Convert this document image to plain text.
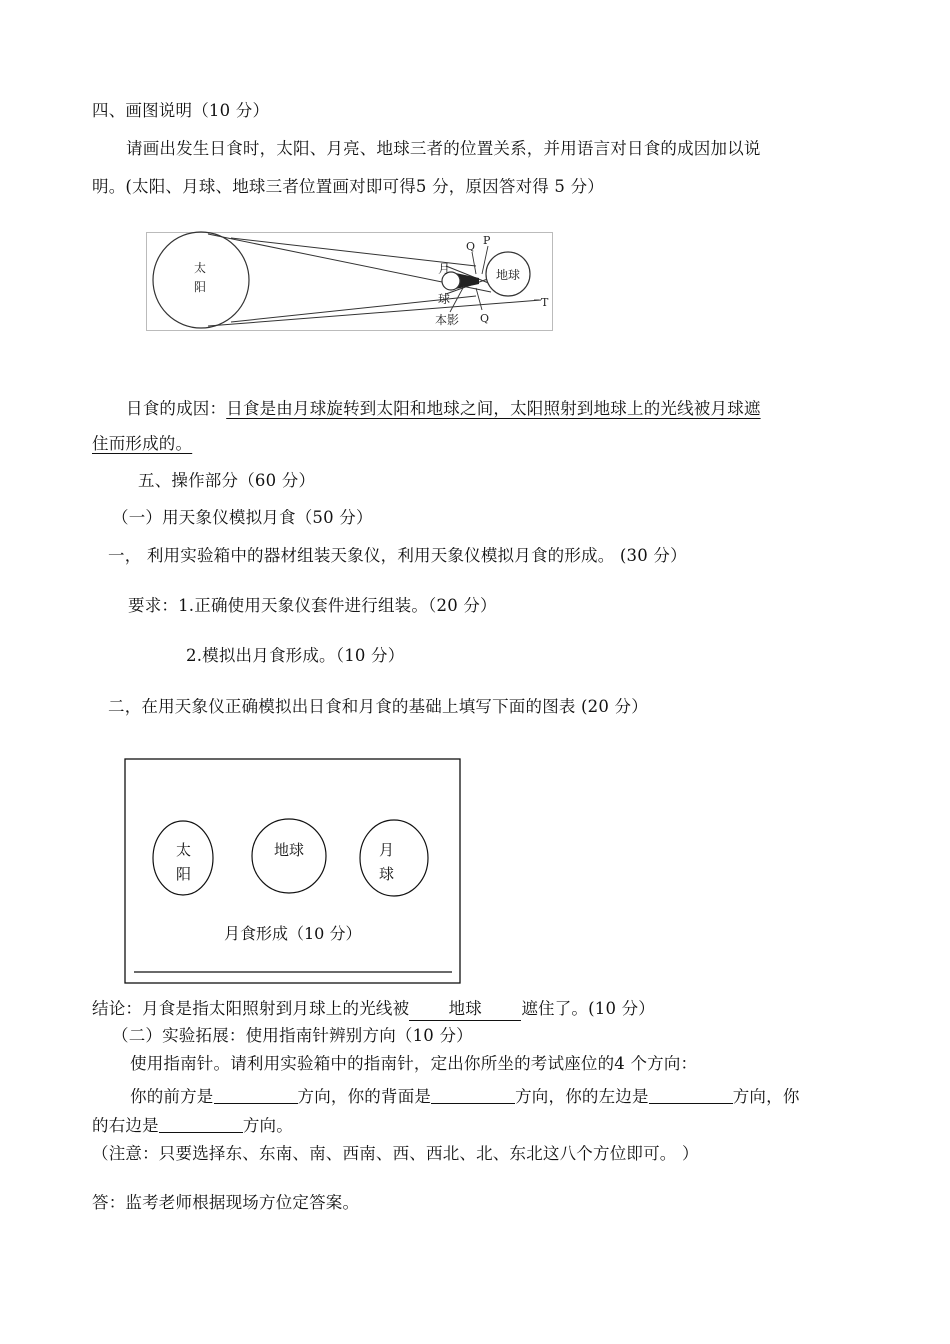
四、画图说明（10 分）
请画出发生日食时，太阳、月亮、地球三者的位置关系，并用语言对日食的成因加以说
明。(太阳、月球、地球三者位置画对即可得5 分，原因答对得 5 分）
太
阳
月
球
地球
本影
Q P
Q
T
日食的成因：日食是由月球旋转到太阳和地球之间，太阳照射到地球上的光线被月球遮
住而形成的。
五、操作部分（60 分）
（一）用天象仪模拟月食（50 分）
一， 利用实验箱中的器材组装天象仪，利用天象仪模拟月食的形成。 (30 分）
要求：1.正确使用天象仪套件进行组装。（20 分）
2.模拟出月食形成。（10 分）
二，在用天象仪正确模拟出日食和月食的基础上填写下面的图表 (20 分）
太
阳
地球	月
球
月食形成（10 分）
结论：月食是指太阳照射到月球上的光线被 地球 遮住了。(10 分）
（二）实验拓展：使用指南针辨别方向（10 分）
使用指南针。请利用实验箱中的指南针，定出你所坐的考试座位的4 个方向：
你的前方是	方向，你的背面是	方向，你的左边是	方向，你
的右边是	方向。
（注意：只要选择东、东南、南、西南、西、西北、北、东北这八个方位即可。 ）
答：监考老师根据现场方位定答案。
